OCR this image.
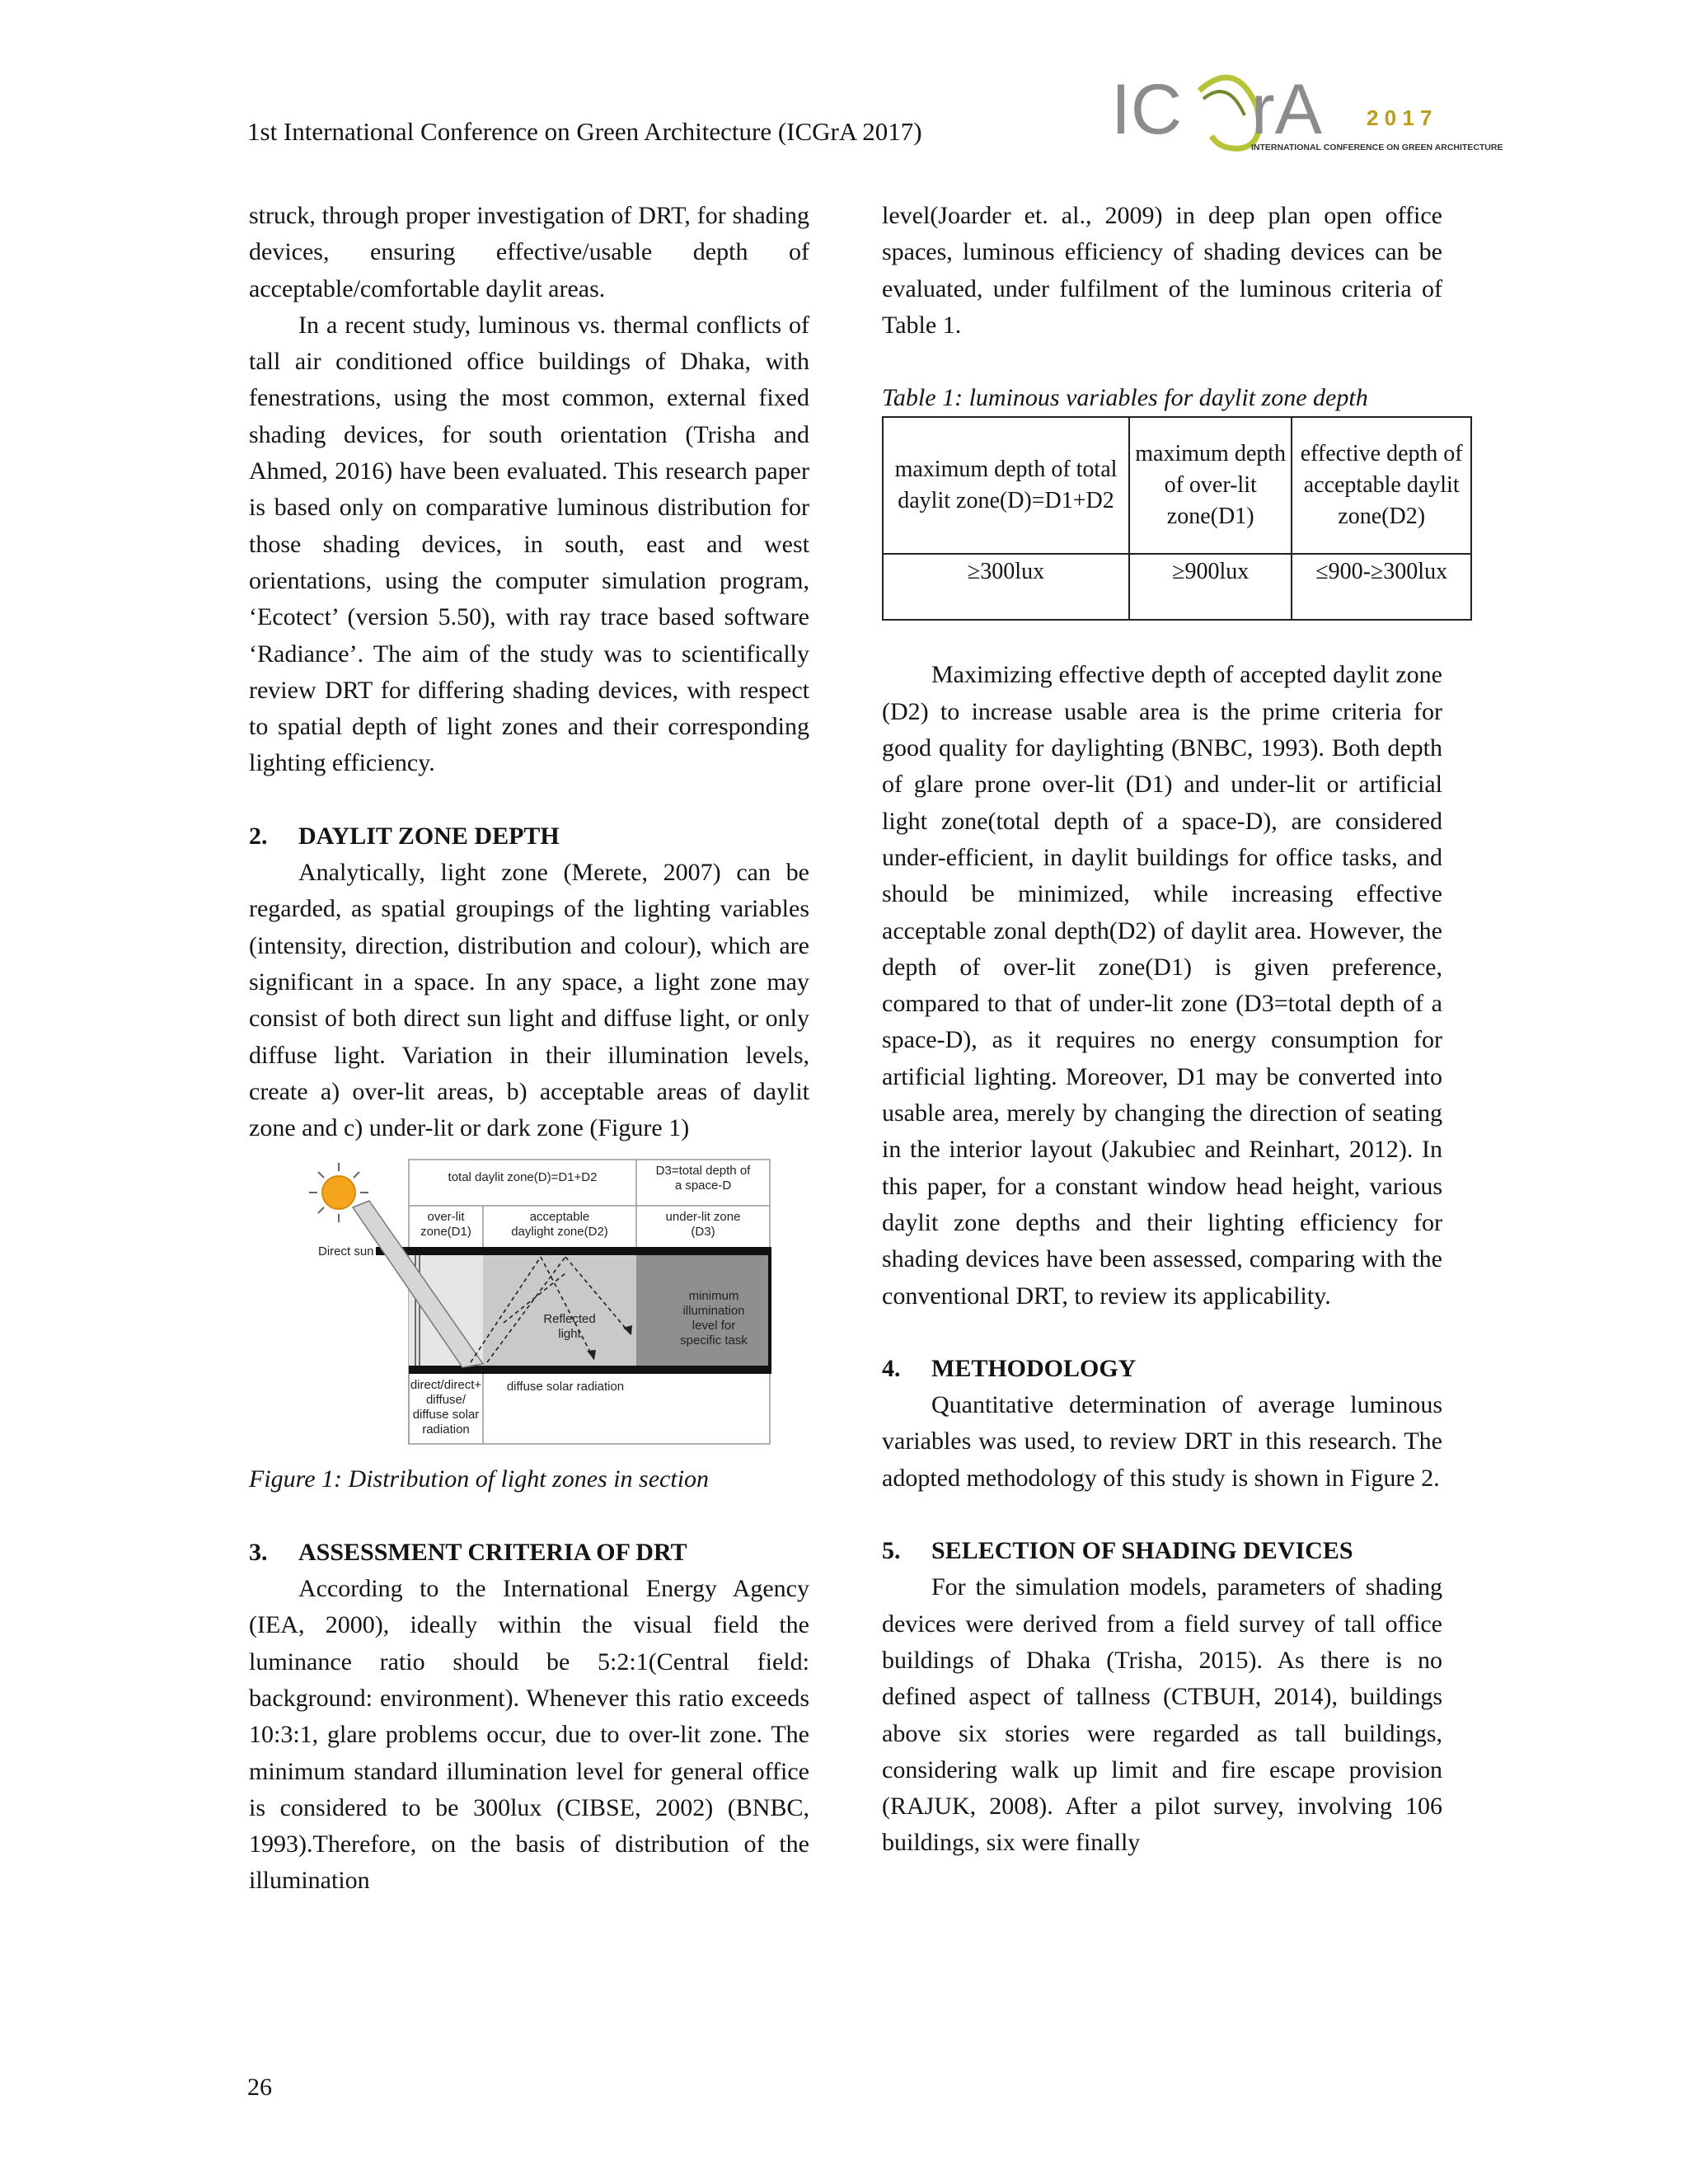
1st International Conference on Green Architecture (ICGrA 2017)	IC rA 2 0 1 7
INTERNATIONAL CONFERENCE ON GREEN ARCHITECTURE

struck, through proper investigation of DRT, for shading devices, ensuring effective/usable depth of acceptable/comfortable daylit areas.

In a recent study, luminous vs. thermal conflicts of tall air conditioned office buildings of Dhaka, with fenestrations, using the most common, external fixed shading devices, for south orientation (Trisha and Ahmed, 2016) have been evaluated. This research paper is based only on comparative luminous distribution for those shading devices, in south, east and west orientations, using the computer simulation program, ‘Ecotect’ (version 5.50), with ray trace based software ‘Radiance’. The aim of the study was to scientifically review DRT for differing shading devices, with respect to spatial depth of light zones and their corresponding lighting efficiency.

2. DAYLIT ZONE DEPTH

Analytically, light zone (Merete, 2007) can be regarded, as spatial groupings of the lighting variables (intensity, direction, distribution and colour), which are significant in a space. In any space, a light zone may consist of both direct sun light and diffuse light, or only diffuse light. Variation in their illumination levels, create a) over-lit areas, b) acceptable areas of daylit zone and c) under-lit or dark zone (Figure 1)

total daylit zone(D)=D1+D2	D3=total depth of
a space-D
over-lit
zone(D1)
acceptable
daylight zone(D2)
under-lit zone
(D3)
Direct sun
Reflected
light
minimum
illumination
level for
specific task
direct/direct+
diffuse/
diffuse solar
radiation
diffuse solar radiation

Figure 1: Distribution of light zones in section

3. ASSESSMENT CRITERIA OF DRT

According to the International Energy Agency (IEA, 2000), ideally within the visual field the luminance ratio should be 5:2:1(Central field: background: environment). Whenever this ratio exceeds 10:3:1, glare problems occur, due to over-lit zone. The minimum standard illumination level for general office is considered to be 300lux (CIBSE, 2002) (BNBC, 1993).Therefore, on the basis of distribution of the illumination

level(Joarder et. al., 2009) in deep plan open office spaces, luminous efficiency of shading devices can be evaluated, under fulfilment of the luminous criteria of Table 1.

Table 1: luminous variables for daylit zone depth

maximum depth of total daylit zone(D)=D1+D2	maximum depth of over-lit zone(D1)	effective depth of acceptable daylit zone(D2)
≥300lux	≥900lux	≤900-≥300lux

Maximizing effective depth of accepted daylit zone (D2) to increase usable area is the prime criteria for good quality for daylighting (BNBC, 1993). Both depth of glare prone over-lit (D1) and under-lit or artificial light zone(total depth of a space-D), are considered under-efficient, in daylit buildings for office tasks, and should be minimized, while increasing effective acceptable zonal depth(D2) of daylit area. However, the depth of over-lit zone(D1) is given preference, compared to that of under-lit zone (D3=total depth of a space-D), as it requires no energy consumption for artificial lighting. Moreover, D1 may be converted into usable area, merely by changing the direction of seating in the interior layout (Jakubiec and Reinhart, 2012). In this paper, for a constant window head height, various daylit zone depths and their lighting efficiency for shading devices have been assessed, comparing with the conventional DRT, to review its applicability.

4. METHODOLOGY

Quantitative determination of average luminous variables was used, to review DRT in this research. The adopted methodology of this study is shown in Figure 2.

5. SELECTION OF SHADING DEVICES

For the simulation models, parameters of shading devices were derived from a field survey of tall office buildings of Dhaka (Trisha, 2015). As there is no defined aspect of tallness (CTBUH, 2014), buildings above six stories were regarded as tall buildings, considering walk up limit and fire escape provision (RAJUK, 2008). After a pilot survey, involving 106 buildings, six were finally

26
